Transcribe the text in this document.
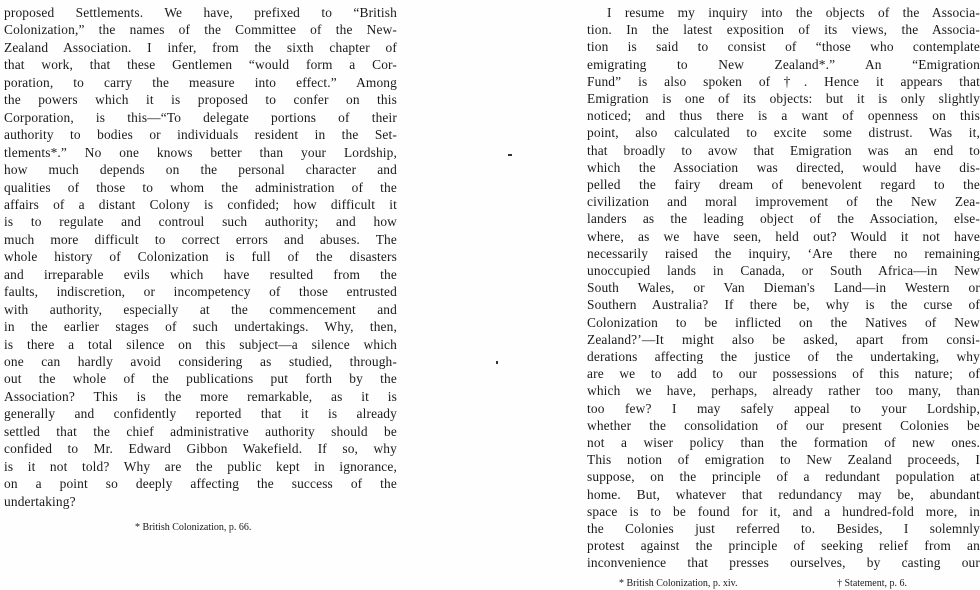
proposed Settlements. We have, prefixed to “British
Colonization,” the names of the Committee of the New-
Zealand Association. I infer, from the sixth chapter of
that work, that these Gentlemen “would form a Cor-
poration, to carry the measure into effect.” Among
the powers which it is proposed to confer on this
Corporation, is this—“To delegate portions of their
authority to bodies or individuals resident in the Set-
tlements*.” No one knows better than your Lordship,
how much depends on the personal character and
qualities of those to whom the administration of the
affairs of a distant Colony is confided; how difficult it
is to regulate and controul such authority; and how
much more difficult to correct errors and abuses. The
whole history of Colonization is full of the disasters
and irreparable evils which have resulted from the
faults, indiscretion, or incompetency of those entrusted
with authority, especially at the commencement and
in the earlier stages of such undertakings. Why, then,
is there a total silence on this subject—a silence which
one can hardly avoid considering as studied, through-
out the whole of the publications put forth by the
Association? This is the more remarkable, as it is
generally and confidently reported that it is already
settled that the chief administrative authority should be
confided to Mr. Edward Gibbon Wakefield. If so, why
is it not told? Why are the public kept in ignorance,
on a point so deeply affecting the success of the
undertaking?
* British Colonization, p. 66.
I resume my inquiry into the objects of the Associa-
tion. In the latest exposition of its views, the Associa-
tion is said to consist of “those who contemplate
emigrating to New Zealand*.” An “Emigration
Fund” is also spoken of†. Hence it appears that
Emigration is one of its objects: but it is only slightly
noticed; and thus there is a want of openness on this
point, also calculated to excite some distrust. Was it,
that broadly to avow that Emigration was an end to
which the Association was directed, would have dis-
pelled the fairy dream of benevolent regard to the
civilization and moral improvement of the New Zea-
landers as the leading object of the Association, else-
where, as we have seen, held out? Would it not have
necessarily raised the inquiry, ‘Are there no remaining
unoccupied lands in Canada, or South Africa—in New
South Wales, or Van Dieman's Land—in Western or
Southern Australia? If there be, why is the curse of
Colonization to be inflicted on the Natives of New
Zealand?’—It might also be asked, apart from consi-
derations affecting the justice of the undertaking, why
are we to add to our possessions of this nature; of
which we have, perhaps, already rather too many, than
too few? I may safely appeal to your Lordship,
whether the consolidation of our present Colonies be
not a wiser policy than the formation of new ones.
This notion of emigration to New Zealand proceeds, I
suppose, on the principle of a redundant population at
home. But, whatever that redundancy may be, abundant
space is to be found for it, and a hundred-fold more, in
the Colonies just referred to. Besides, I solemnly
protest against the principle of seeking relief from an
inconvenience that presses ourselves, by casting our
* British Colonization, p. xiv.	† Statement, p. 6.
